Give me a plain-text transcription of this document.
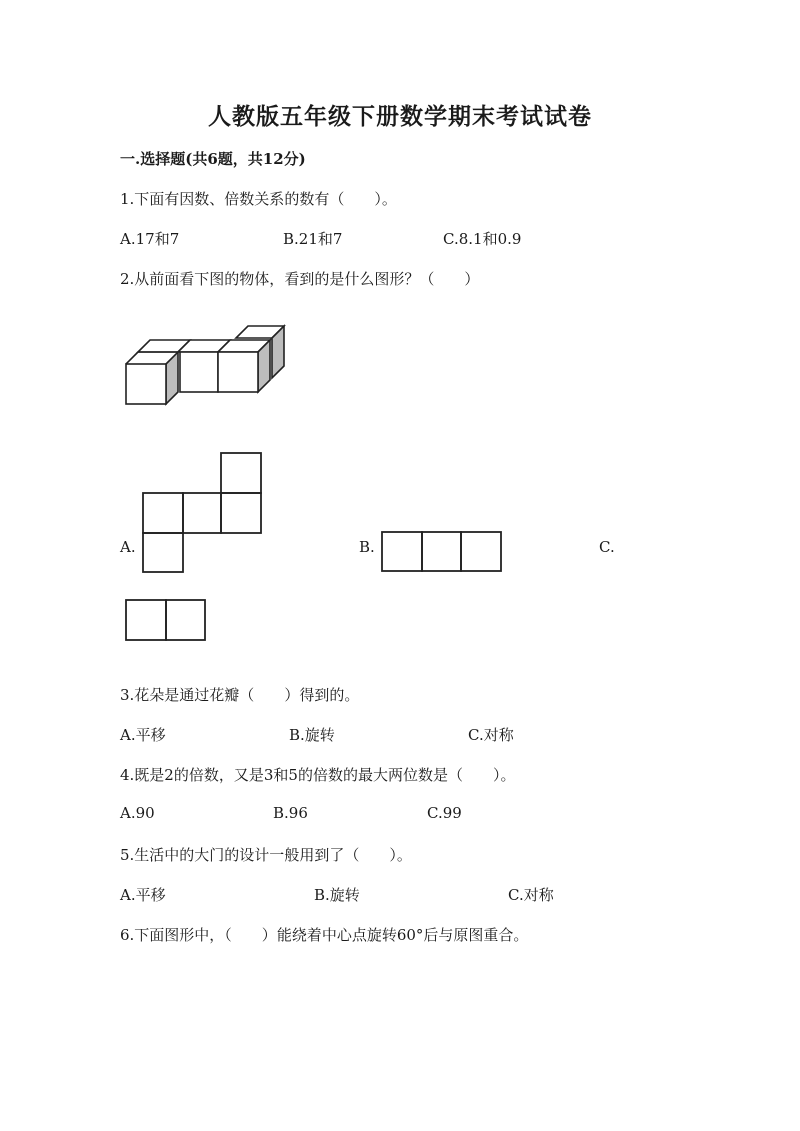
人教版五年级下册数学期末考试试卷
一.选择题(共6题，共12分)
1.下面有因数、倍数关系的数有（　　）。
A.17和7	B.21和7	C.8.1和0.9
2.从前面看下图的物体，看到的是什么图形？（　　）
A.	B.	C.
3.花朵是通过花瓣（　　）得到的。
A.平移	B.旋转	C.对称
4.既是2的倍数，又是3和5的倍数的最大两位数是（　　）。
A.90	B.96	C.99
5.生活中的大门的设计一般用到了（　　）。
A.平移	B.旋转	C.对称
6.下面图形中，（　　）能绕着中心点旋转60°后与原图重合。
